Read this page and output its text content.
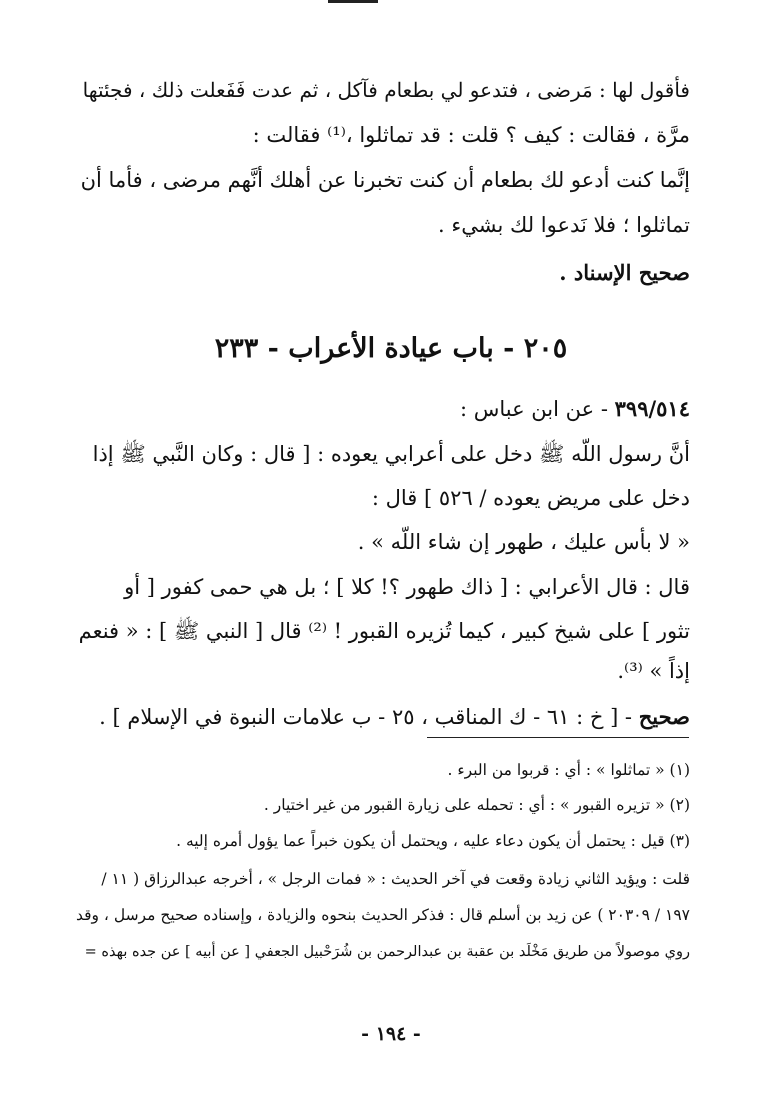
فأقول لها : مَرضى ، فتدعو لي بطعام فآكل ، ثم عدت فَفَعلت ذلك ، فجئتها
مرَّة ، فقالت : كيف ؟ قلت : قد تماثلوا ،⁽¹⁾ فقالت :
إنَّما كنت أدعو لك بطعام أن كنت تخبرنا عن أهلك أنَّهم مرضى ، فأما أن
تماثلوا ؛ فلا نَدعوا لك بشيء .
صحيح الإسناد .
٢٠٥ - باب عيادة الأعراب - ٢٣٣
٣٩٩/٥١٤ - عن ابن عباس :
أنَّ رسول اللّه ﷺ دخل على أعرابي يعوده : [ قال : وكان النَّبي ﷺ إذا
دخل على مريض يعوده / ٥٢٦ ] قال :
« لا بأس عليك ، طهور إن شاء اللّه » .
قال : قال الأعرابي : [ ذاك طهور ؟! كلا ] ؛ بل هي حمى كفور [ أو
تثور ] على شيخ كبير ، كيما تُزيره القبور ! ⁽²⁾ قال [ النبي ﷺ ] : « فنعم
إذاً » ⁽³⁾.
صحيح - [ خ : ٦١ - ك المناقب ، ٢٥ - ب علامات النبوة في الإسلام ] .
(١) « تماثلوا » : أي : قربوا من البرء .
(٢) « تزيره القبور » : أي : تحمله على زيارة القبور من غير اختيار .
(٣) قيل : يحتمل أن يكون دعاء عليه ، ويحتمل أن يكون خبراً عما يؤول أمره إليه .
قلت : ويؤيد الثاني زيادة وقعت في آخر الحديث : « فمات الرجل » ، أخرجه عبدالرزاق ( ١١ /
١٩٧ / ٢٠٣٠٩ ) عن زيد بن أسلم قال : فذكر الحديث بنحوه والزيادة ، وإسناده صحيح مرسل ، وقد
روي موصولاً من طريق مَخْلَد بن عقبة بن عبدالرحمن بن شُرَحْبيل الجعفي [ عن أبيه ] عن جده بهذه =
- ١٩٤ -
